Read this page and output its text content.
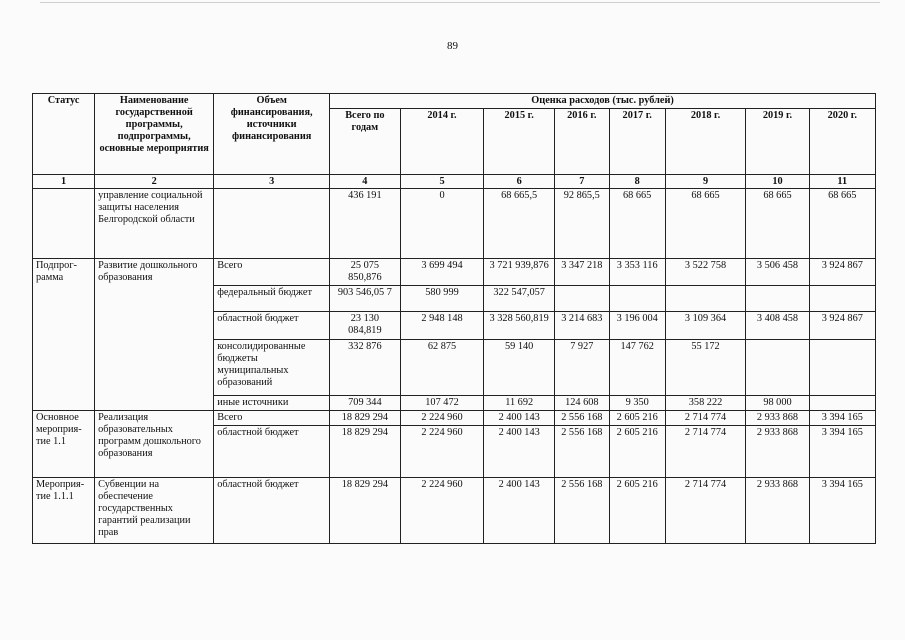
89
Статус	Наименование государственной программы, подпрограммы, основные мероприятия	Объем финансирования, источники финансирования	Оценка расходов (тыс. рублей)							
			Всего по годам	2014 г.	2015 г.	2016 г.	2017 г.	2018 г.	2019 г.	2020 г.
1	2	3	4	5	6	7	8	9	10	11
	управление социальной защиты населения Белгородской области		436 191	0	68 665,5	92 865,5	68 665	68 665	68 665	68 665
Подпрог-рамма	Развитие дошкольного образования	Всего	25 075 850,876	3 699 494	3 721 939,876	3 347 218	3 353 116	3 522 758	3 506 458	3 924 867
		федеральный бюджет	903 546,05 7	580 999	322 547,057					
		областной бюджет	23 130 084,819	2 948 148	3 328 560,819	3 214 683	3 196 004	3 109 364	3 408 458	3 924 867
		консолидированные бюджеты муниципальных образований	332 876	62 875	59 140	7 927	147 762	55 172		
		иные источники	709 344	107 472	11 692	124 608	9 350	358 222	98 000	
Основное мероприя-тие 1.1	Реализация образовательных программ дошкольного образования	Всего	18 829 294	2 224 960	2 400 143	2 556 168	2 605 216	2 714 774	2 933 868	3 394 165
		областной бюджет	18 829 294	2 224 960	2 400 143	2 556 168	2 605 216	2 714 774	2 933 868	3 394 165
Мероприя-тие 1.1.1	Субвенции на обеспечение государственных гарантий реализации прав	областной бюджет	18 829 294	2 224 960	2 400 143	2 556 168	2 605 216	2 714 774	2 933 868	3 394 165
